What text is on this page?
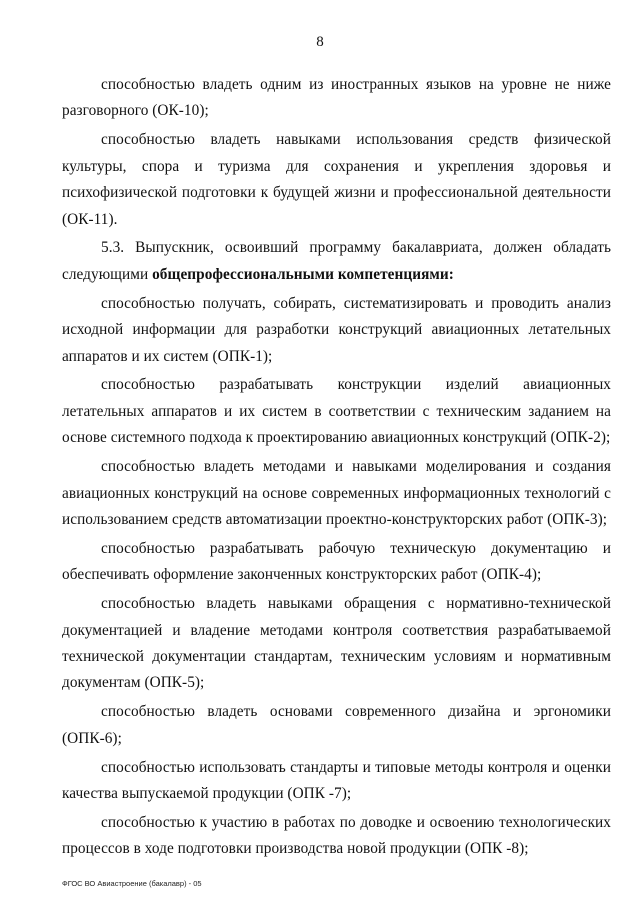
8

способностью владеть одним из иностранных языков на уровне не ниже разговорного (ОК-10);

способностью владеть навыками использования средств физической культуры, спора и туризма для сохранения и укрепления здоровья и психофизической подготовки к будущей жизни и профессиональной деятельности (ОК-11).

5.3. Выпускник, освоивший программу бакалавриата, должен обладать следующими общепрофессиональными компетенциями:

способностью получать, собирать, систематизировать и проводить анализ исходной информации для разработки конструкций авиационных летательных аппаратов и их систем (ОПК-1);

способностью разрабатывать конструкции изделий авиационных летательных аппаратов и их систем в соответствии с техническим заданием на основе системного подхода к проектированию авиационных конструкций (ОПК-2);

способностью владеть методами и навыками моделирования и создания авиационных конструкций на основе современных информационных технологий с использованием средств автоматизации проектно-конструкторских работ (ОПК-3);

способностью разрабатывать рабочую техническую документацию и обеспечивать оформление законченных конструкторских работ (ОПК-4);

способностью владеть навыками обращения с нормативно-технической документацией и владение методами контроля соответствия разрабатываемой технической документации стандартам, техническим условиям и нормативным документам (ОПК-5);

способностью владеть основами современного дизайна и эргономики (ОПК-6);

способностью использовать стандарты и типовые методы контроля и оценки качества выпускаемой продукции (ОПК -7);

способностью к участию в работах по доводке и освоению технологических процессов в ходе подготовки производства новой продукции (ОПК -8);

ФГОС ВО Авиастроение (бакалавр) - 05
